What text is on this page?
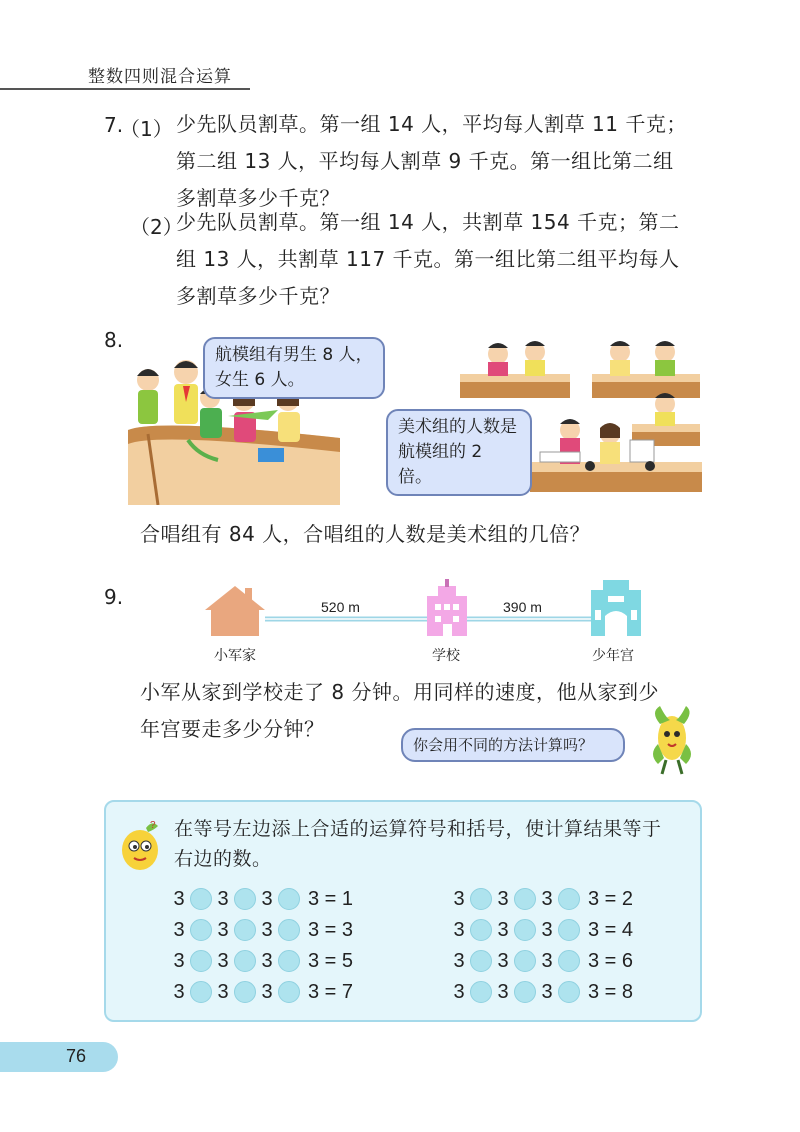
整数四则混合运算
7.
（1） 少先队员割草。第一组 14 人，平均每人割草 11 千克；
第二组 13 人，平均每人割草 9 千克。第一组比第二组
多割草多少千克？
（2）
少先队员割草。第一组 14 人，共割草 154 千克；第二
组 13 人，共割草 117 千克。第一组比第二组平均每人
多割草多少千克？
8.
航模组有男生 8 人，
女生 6 人。
美术组的人数是
航模组的 2 倍。
合唱组有 84 人，合唱组的人数是美术组的几倍？
9.	520 m	390 m
小军家	学校	少年宫
小军从家到学校走了 8 分钟。用同样的速度，他从家到少
年宫要走多少分钟？
你会用不同的方法计算吗？
? 在等号左边添上合适的运算符号和括号，使计算结果等于
右边的数。
3 3 3 3 = 1
3 3 3 3 = 3
3 3 3 3 = 5
3 3 3 3 = 7
3 3 3 3 = 2
3 3 3 3 = 4
3 3 3 3 = 6
3 3 3 3 = 8
76
